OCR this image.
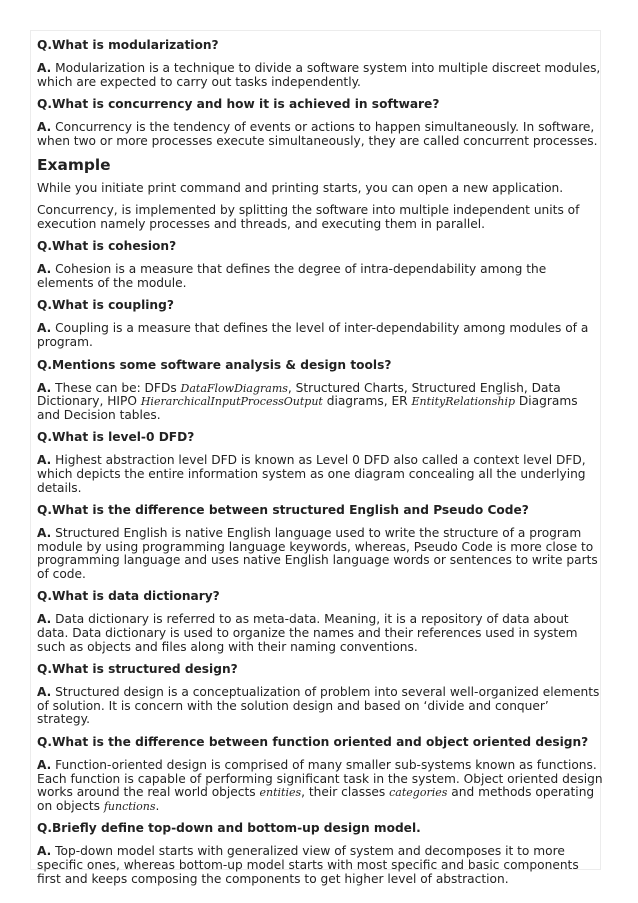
Q.What is modularization?
A. Modularization is a technique to divide a software system into multiple discreet modules, which are expected to carry out tasks independently.
Q.What is concurrency and how it is achieved in software?
A. Concurrency is the tendency of events or actions to happen simultaneously. In software, when two or more processes execute simultaneously, they are called concurrent processes.
Example
While you initiate print command and printing starts, you can open a new application.
Concurrency, is implemented by splitting the software into multiple independent units of execution namely processes and threads, and executing them in parallel.
Q.What is cohesion?
A. Cohesion is a measure that defines the degree of intra-dependability among the elements of the module.
Q.What is coupling?
A. Coupling is a measure that defines the level of inter-dependability among modules of a program.
Q.Mentions some software analysis & design tools?
A. These can be: DFDs DataFlowDiagrams, Structured Charts, Structured English, Data Dictionary, HIPO HierarchicalInputProcessOutput diagrams, ER EntityRelationship Diagrams and Decision tables.
Q.What is level-0 DFD?
A. Highest abstraction level DFD is known as Level 0 DFD also called a context level DFD, which depicts the entire information system as one diagram concealing all the underlying details.
Q.What is the difference between structured English and Pseudo Code?
A. Structured English is native English language used to write the structure of a program module by using programming language keywords, whereas, Pseudo Code is more close to programming language and uses native English language words or sentences to write parts of code.
Q.What is data dictionary?
A. Data dictionary is referred to as meta-data. Meaning, it is a repository of data about data. Data dictionary is used to organize the names and their references used in system such as objects and files along with their naming conventions.
Q.What is structured design?
A. Structured design is a conceptualization of problem into several well-organized elements of solution. It is concern with the solution design and based on ‘divide and conquer’ strategy.
Q.What is the difference between function oriented and object oriented design?
A. Function-oriented design is comprised of many smaller sub-systems known as functions. Each function is capable of performing significant task in the system. Object oriented design works around the real world objects entities, their classes categories and methods operating on objects functions.
Q.Briefly define top-down and bottom-up design model.
A. Top-down model starts with generalized view of system and decomposes it to more specific ones, whereas bottom-up model starts with most specific and basic components first and keeps composing the components to get higher level of abstraction.
